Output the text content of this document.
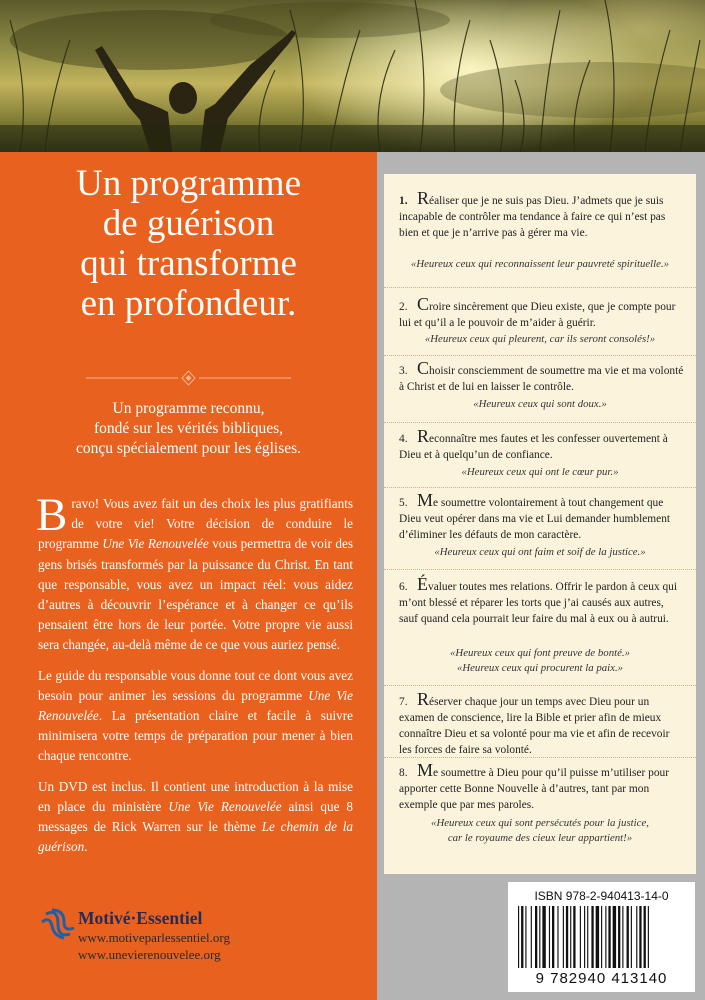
Un programme
de guérison
qui transforme
en profondeur.
Un programme reconnu,
fondé sur les vérités bibliques,
conçu spécialement pour les églises.

Bravo! Vous avez fait un des choix les plus gratifiants de votre vie! Votre décision de conduire le programme Une Vie Renouvelée vous permettra de voir des gens brisés transformés par la puissance du Christ. En tant que responsable, vous avez un impact réel: vous aidez d’autres à découvrir l’espérance et à changer ce qu’ils pensaient être hors de leur portée. Votre propre vie aussi sera changée, au-delà même de ce que vous auriez pensé.

Le guide du responsable vous donne tout ce dont vous avez besoin pour animer les sessions du programme Une Vie Renouvelée. La présentation claire et facile à suivre minimisera votre temps de préparation pour mener à bien chaque rencontre.

Un DVD est inclus. Il contient une introduction à la mise en place du ministère Une Vie Renouvelée ainsi que 8 messages de Rick Warren sur le thème Le chemin de la guérison.

Motivé·Essentiel
www.motiveparlessentiel.org
www.unevierenouvelee.org
1. Réaliser que je ne suis pas Dieu. J’admets que je suis incapable de contrôler ma tendance à faire ce qui n’est pas bien et que je n’arrive pas à gérer ma vie.
«Heureux ceux qui reconnaissent leur pauvreté spirituelle.»
2. Croire sincèrement que Dieu existe, que je compte pour lui et qu’il a le pouvoir de m’aider à guérir.
«Heureux ceux qui pleurent, car ils seront consolés!»
3. Choisir consciemment de soumettre ma vie et ma volonté à Christ et de lui en laisser le contrôle.
«Heureux ceux qui sont doux.»
4. Reconnaître mes fautes et les confesser ouvertement à Dieu et à quelqu’un de confiance.
«Heureux ceux qui ont le cœur pur.»
5. Me soumettre volontairement à tout changement que Dieu veut opérer dans ma vie et Lui demander humblement d’éliminer les défauts de mon caractère.
«Heureux ceux qui ont faim et soif de la justice.»
6. Évaluer toutes mes relations. Offrir le pardon à ceux qui m’ont blessé et réparer les torts que j’ai causés aux autres, sauf quand cela pourrait leur faire du mal à eux ou à autrui.
«Heureux ceux qui font preuve de bonté.»
«Heureux ceux qui procurent la paix.»
7. Réserver chaque jour un temps avec Dieu pour un examen de conscience, lire la Bible et prier afin de mieux connaître Dieu et sa volonté pour ma vie et afin de recevoir les forces de faire sa volonté.
8. Me soumettre à Dieu pour qu’il puisse m’utiliser pour apporter cette Bonne Nouvelle à d’autres, tant par mon exemple que par mes paroles.
«Heureux ceux qui sont persécutés pour la justice,
car le royaume des cieux leur appartient!»
ISBN 978-2-940413-14-0
9 782940 413140
